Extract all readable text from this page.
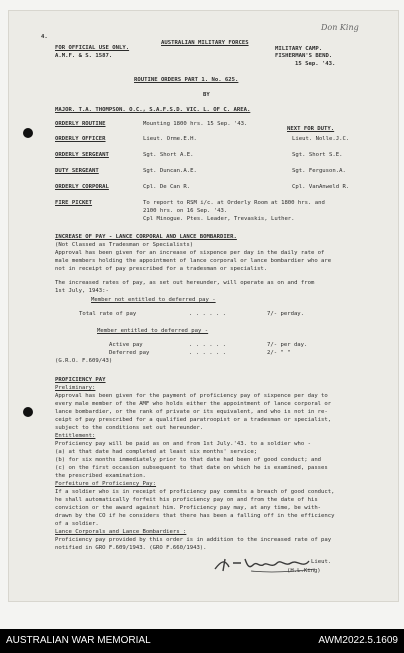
Don King
4.
FOR OFFICIAL USE ONLY.
A.M.F. & S. 1587.
AUSTRALIAN MILITARY FORCES
MILITARY CAMP.
FISHERMAN'S BEND.
15 Sep. '43.
ROUTINE ORDERS PART 1. No. 625.
BY
MAJOR. T.A. THOMPSON. O.C., S.A.F.S.D. VIC. L. OF C. AREA.
NEXT FOR DUTY.
ORDERLY ROUTINE	Mounting 1800 hrs. 15 Sep. '43.
ORDERLY OFFICER	Lieut. Orme.E.H.	Lieut. Nolle.J.C.
ORDERLY SERGEANT	Sgt. Short A.E.	Sgt. Short S.E.
DUTY SERGEANT	Sgt. Duncan.A.E.	Sgt. Ferguson.A.
ORDERLY CORPORAL	Cpl. De Can R.	Cpl. VanAnweld R.
FIRE PICKET	To report to RSM i/c. at Orderly Room at 1800 hrs. and
2100 hrs. on 16 Sep. '43.
Cpl Minogue. Ptes. Leader, Trevaskis, Luther.
INCREASE OF PAY - LANCE CORPORAL AND LANCE BOMBARDIER.
(Not Classed as Tradesman or Specialists)
Approval has been given for an increase of sixpence per day in the daily rate of
male members holding the appointment of lance corporal or lance bombardier who are
not in receipt of pay prescribed for a tradesman or specialist.
The increased rates of pay, as set out hereunder, will operate as on and from
1st July, 1943:-
Member not entitled to deferred pay -
Total rate of pay	. . . . . .	7/- perday.
Member entitled to deferred pay -
Active pay	. . . . . .	7/- per day.
Deferred pay	. . . . . .	2/- " "
(G.R.O. F.609/43)
PROFICIENCY PAY
Preliminary:
Approval has been given for the payment of proficiency pay of sixpence per day to
every male member of the AMF who holds either the appointment of lance corporal or
lance bombardier, or the rank of private or its equivalent, and who is not in re-
ceipt of pay prescribed for a qualified paratroopist or a tradesman or specialist,
subject to the conditions set out hereunder.
Entitlement:
Proficiency pay will be paid as on and from 1st July.'43. to a soldier who -
(a) at that date had completed at least six months' service;
(b) for six months immediately prior to that date had been of good conduct; and
(c) on the first occasion subsequent to that date on which he is examined, passes
the prescribed examination.
Forfeiture of Proficiency Pay:
If a soldier who is in receipt of proficiency pay commits a breach of good conduct,
he shall automatically forfeit his proficiency pay on and from the date of his
conviction or the award against him. Proficiency pay may, at any time, be with-
drawn by the CO if he considers that there has been a falling off in the efficiency
of a soldier.
Lance Corporals and Lance Bombardiers :
Proficiency pay provided by this order is in addition to the increased rate of pay
notified in GRO F.609/1943. (GRO F.660/1943).
Lieut.
(H.L.King)
AUSTRALIAN WAR MEMORIAL	AWM2022.5.1609
